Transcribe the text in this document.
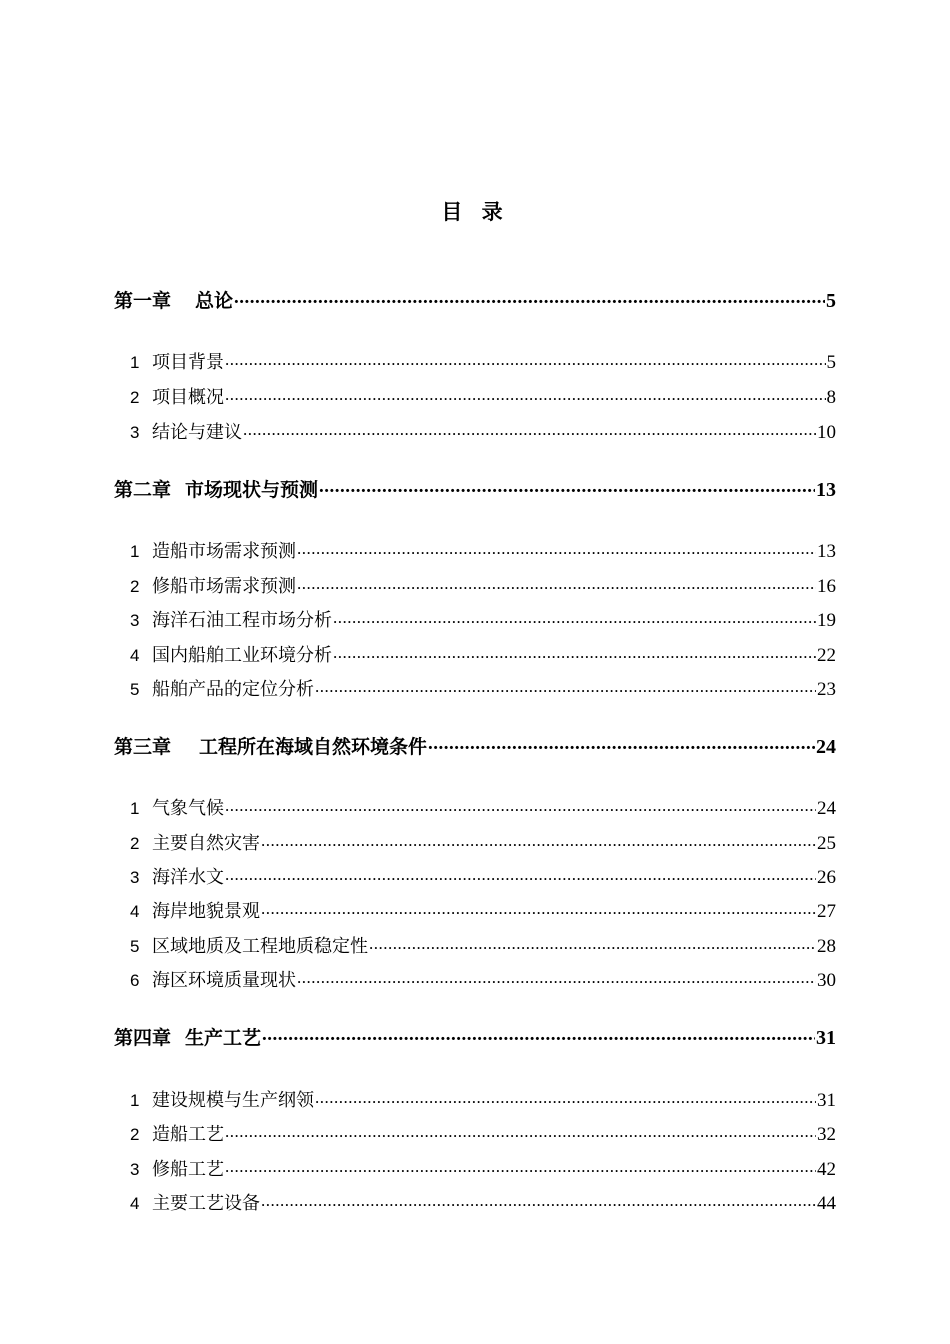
目 录
第一章 总论 .....	5
1 项目背景 .....	5
2 项目概况 .....	8
3 结论与建议 .....	10
第二章 市场现状与预测 .....	13
1 造船市场需求预测 .....	13
2 修船市场需求预测 .....	16
3 海洋石油工程市场分析 .....	19
4 国内船舶工业环境分析 .....	22
5 船舶产品的定位分析 .....	23
第三章 工程所在海域自然环境条件 .....	24
1 气象气候 .....	24
2 主要自然灾害 .....	25
3 海洋水文 .....	26
4 海岸地貌景观 .....	27
5 区域地质及工程地质稳定性 .....	28
6 海区环境质量现状 .....	30
第四章 生产工艺 .....	31
1 建设规模与生产纲领 .....	31
2 造船工艺 .....	32
3 修船工艺 .....	42
4 主要工艺设备 .....	44
